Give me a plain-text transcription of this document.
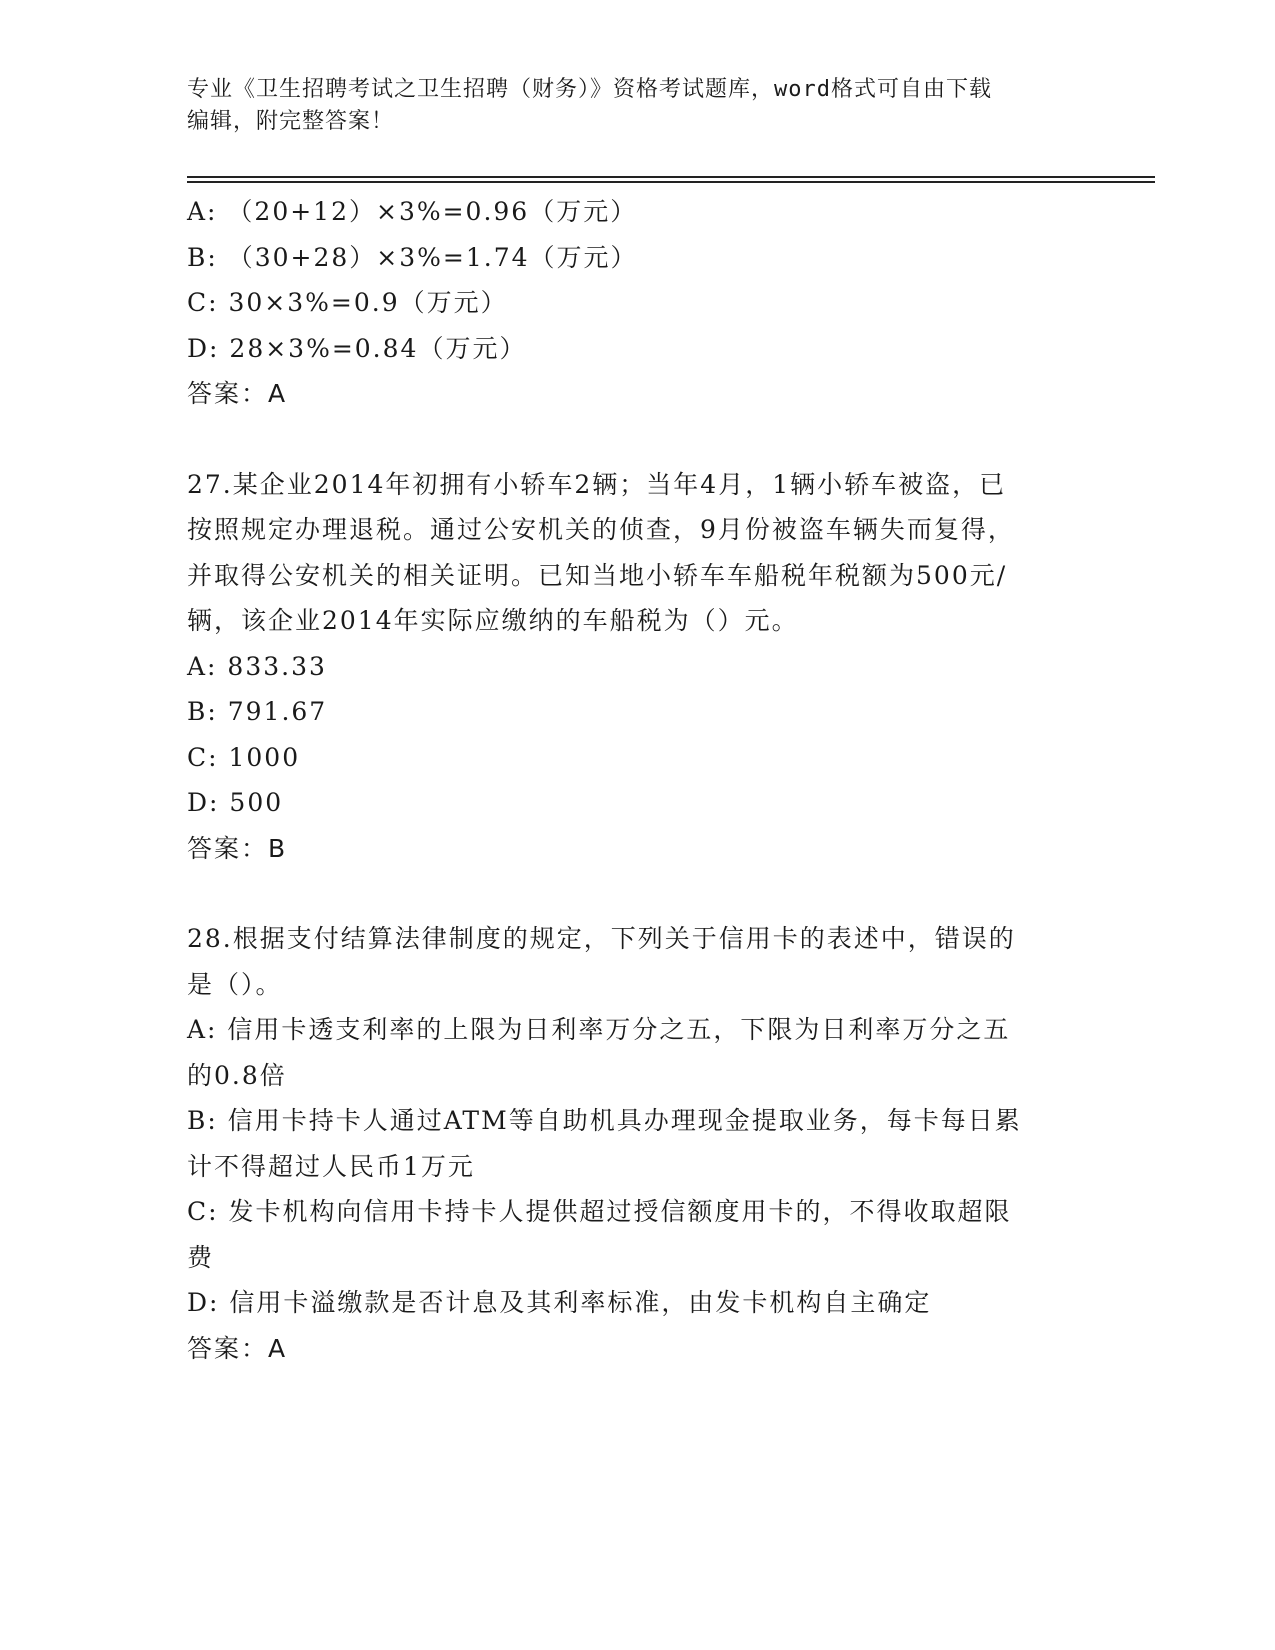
专业《卫生招聘考试之卫生招聘（财务）》资格考试题库，word格式可自由下载
编辑，附完整答案！
A: （20+12）×3%=0.96（万元）
B: （30+28）×3%=1.74（万元）
C: 30×3%=0.9（万元）
D: 28×3%=0.84（万元）
答案：A
27.某企业2014年初拥有小轿车2辆；当年4月，1辆小轿车被盗，已
按照规定办理退税。通过公安机关的侦查，9月份被盗车辆失而复得，
并取得公安机关的相关证明。已知当地小轿车车船税年税额为500元/
辆，该企业2014年实际应缴纳的车船税为（）元。
A: 833.33
B: 791.67
C: 1000
D: 500
答案：B
28.根据支付结算法律制度的规定，下列关于信用卡的表述中，错误的
是（）。
A: 信用卡透支利率的上限为日利率万分之五，下限为日利率万分之五
的0.8倍
B: 信用卡持卡人通过ATM等自助机具办理现金提取业务，每卡每日累
计不得超过人民币1万元
C: 发卡机构向信用卡持卡人提供超过授信额度用卡的，不得收取超限
费
D: 信用卡溢缴款是否计息及其利率标准，由发卡机构自主确定
答案：A
